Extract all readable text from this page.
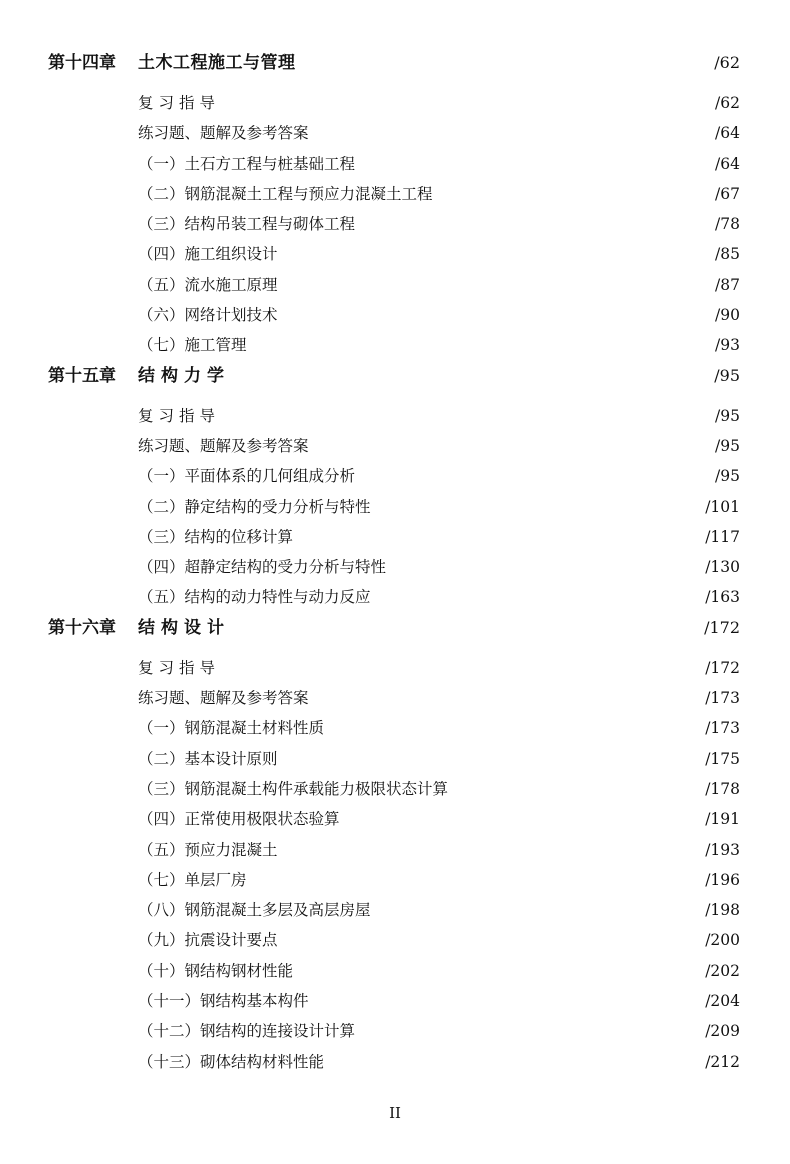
第十四章 土木工程施工与管理	/62
复习指导	/62
练习题、题解及参考答案	/64
（一）土石方工程与桩基础工程	/64
（二）钢筋混凝土工程与预应力混凝土工程	/67
（三）结构吊装工程与砌体工程	/78
（四）施工组织设计	/85
（五）流水施工原理	/87
（六）网络计划技术	/90
（七）施工管理	/93
第十五章 结构力学	/95
复习指导	/95
练习题、题解及参考答案	/95
（一）平面体系的几何组成分析	/95
（二）静定结构的受力分析与特性	/101
（三）结构的位移计算	/117
（四）超静定结构的受力分析与特性	/130
（五）结构的动力特性与动力反应	/163
第十六章 结构设计	/172
复习指导	/172
练习题、题解及参考答案	/173
（一）钢筋混凝土材料性质	/173
（二）基本设计原则	/175
（三）钢筋混凝土构件承载能力极限状态计算	/178
（四）正常使用极限状态验算	/191
（五）预应力混凝土	/193
（七）单层厂房	/196
（八）钢筋混凝土多层及高层房屋	/198
（九）抗震设计要点	/200
（十）钢结构钢材性能	/202
（十一）钢结构基本构件	/204
（十二）钢结构的连接设计计算	/209
（十三）砌体结构材料性能	/212
II
